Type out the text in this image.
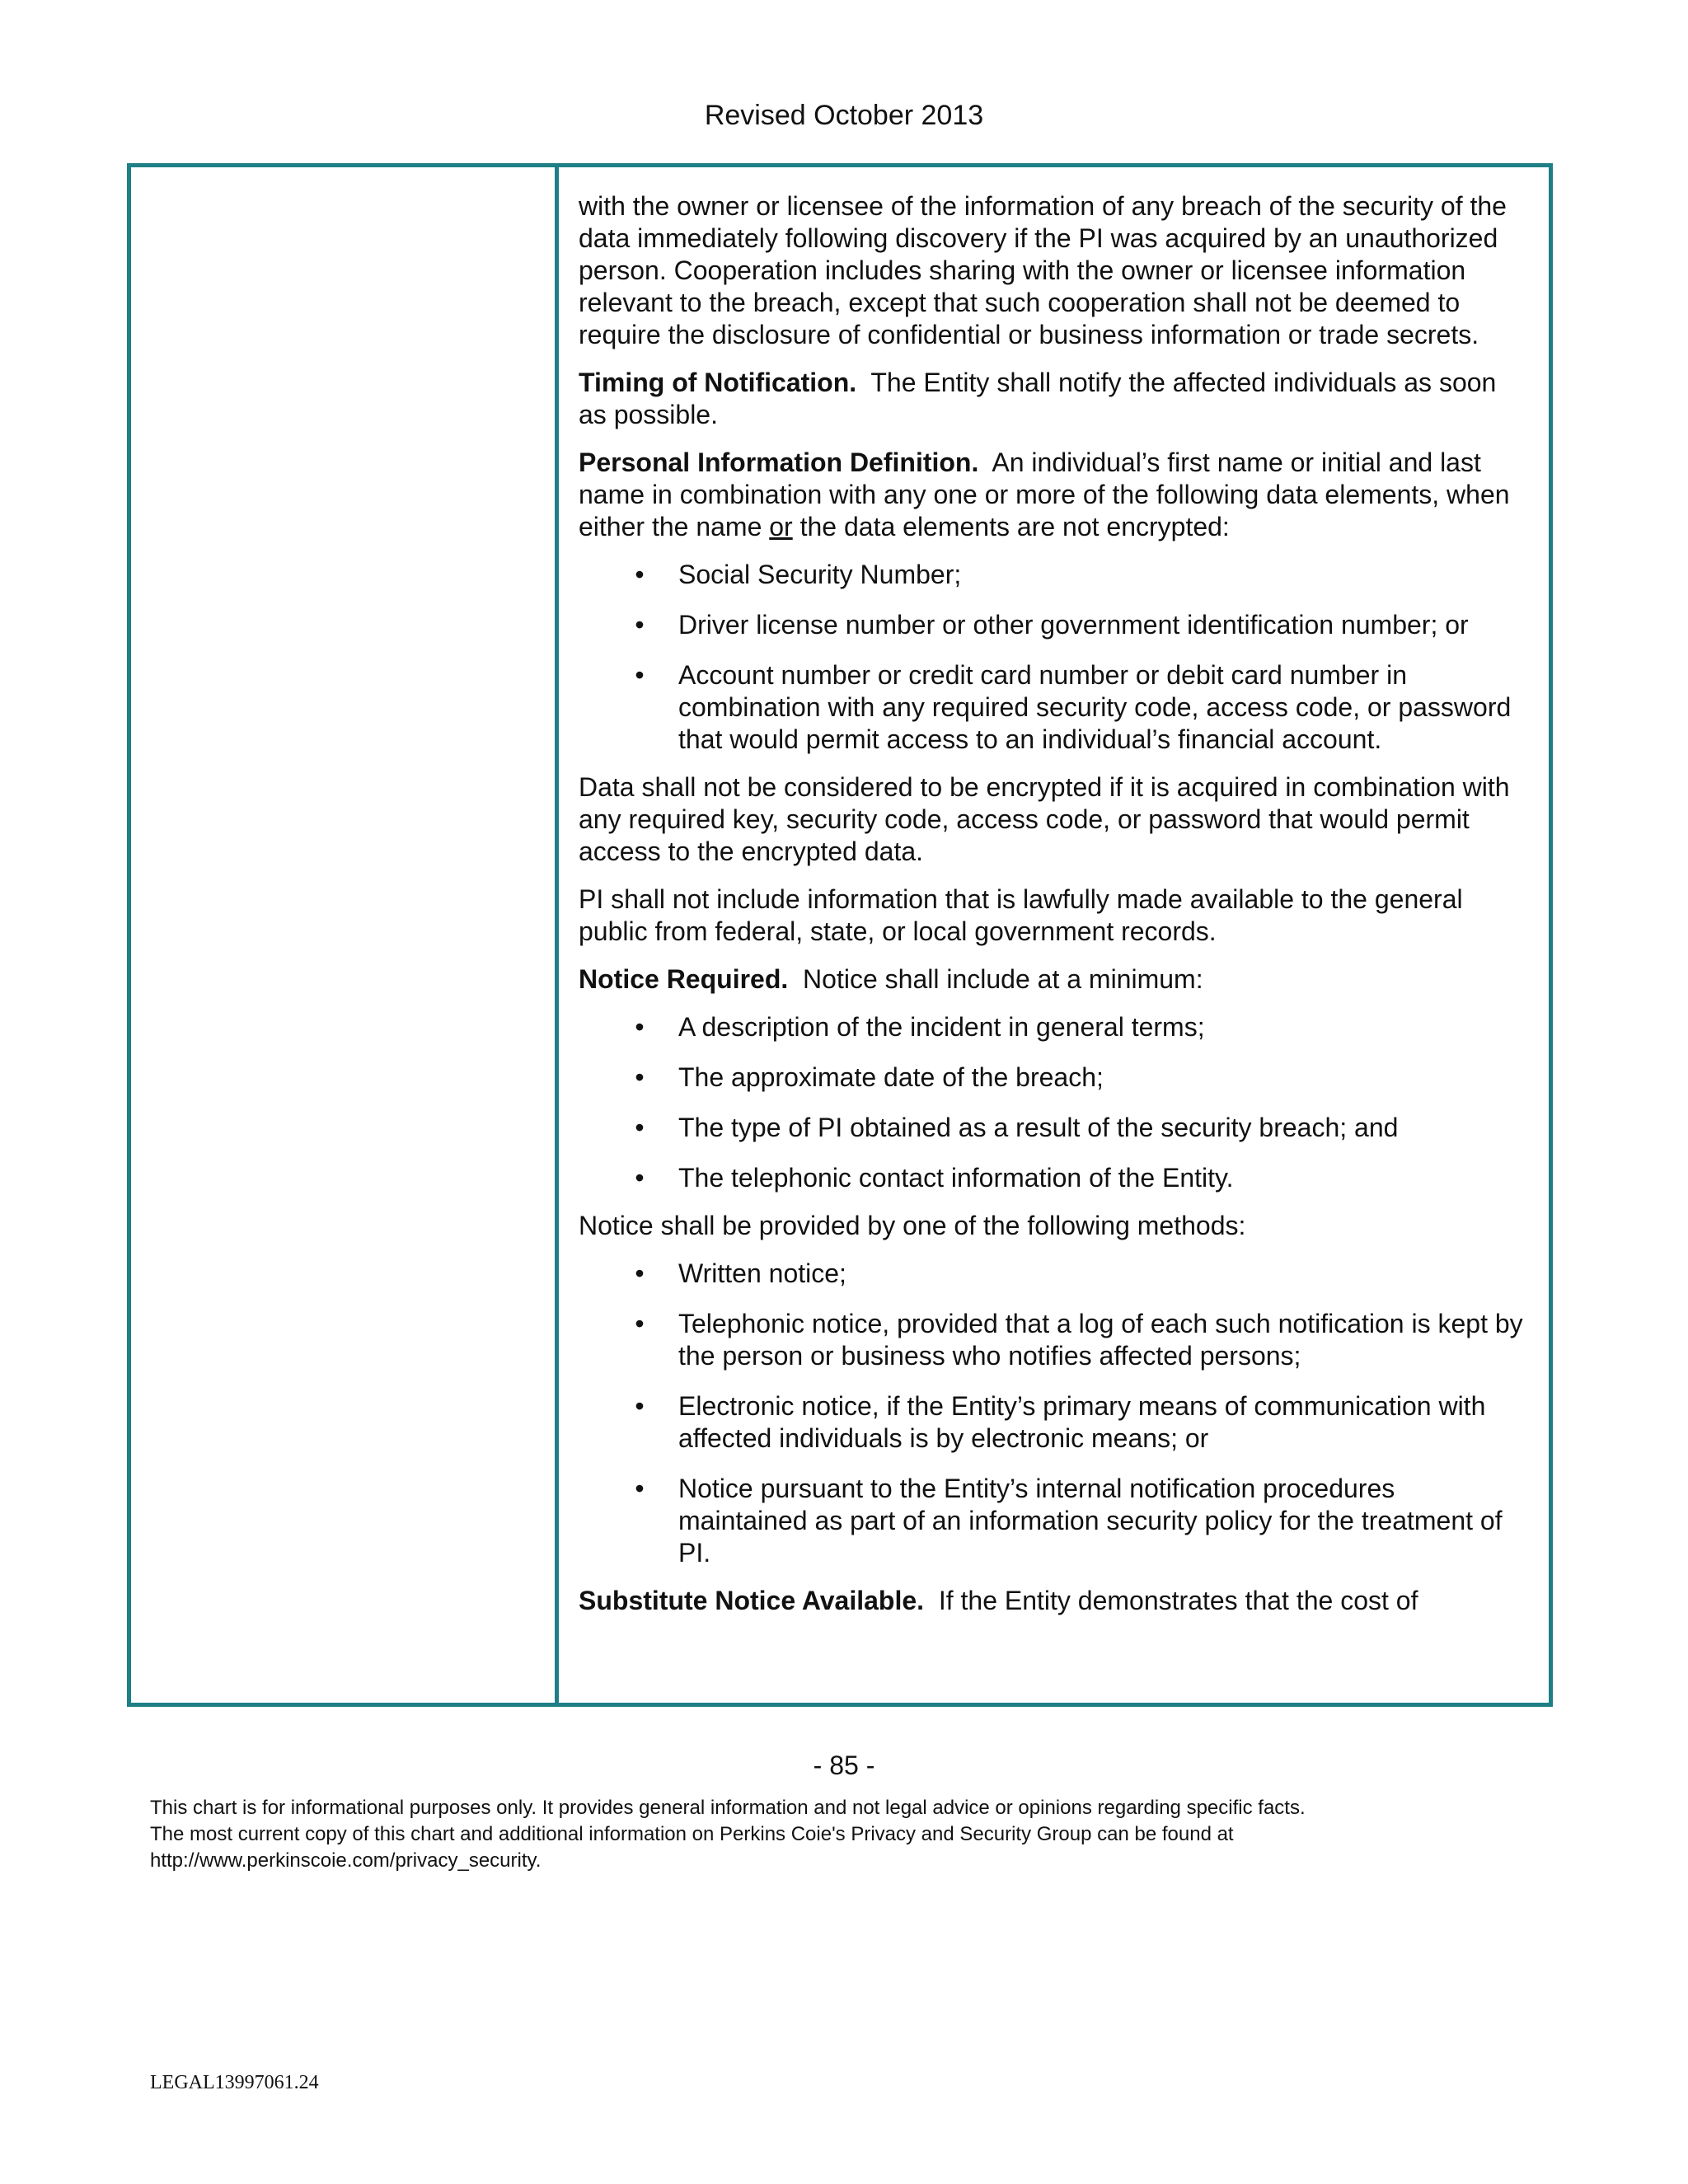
Revised October 2013

with the owner or licensee of the information of any breach of the security of the data immediately following discovery if the PI was acquired by an unauthorized person. Cooperation includes sharing with the owner or licensee information relevant to the breach, except that such cooperation shall not be deemed to require the disclosure of confidential or business information or trade secrets.

Timing of Notification. The Entity shall notify the affected individuals as soon as possible.

Personal Information Definition. An individual’s first name or initial and last name in combination with any one or more of the following data elements, when either the name or the data elements are not encrypted:

• Social Security Number;
• Driver license number or other government identification number; or
• Account number or credit card number or debit card number in combination with any required security code, access code, or password that would permit access to an individual’s financial account.

Data shall not be considered to be encrypted if it is acquired in combination with any required key, security code, access code, or password that would permit access to the encrypted data.

PI shall not include information that is lawfully made available to the general public from federal, state, or local government records.

Notice Required. Notice shall include at a minimum:

• A description of the incident in general terms;
• The approximate date of the breach;
• The type of PI obtained as a result of the security breach; and
• The telephonic contact information of the Entity.

Notice shall be provided by one of the following methods:

• Written notice;
• Telephonic notice, provided that a log of each such notification is kept by the person or business who notifies affected persons;
• Electronic notice, if the Entity’s primary means of communication with affected individuals is by electronic means; or
• Notice pursuant to the Entity’s internal notification procedures maintained as part of an information security policy for the treatment of PI.

Substitute Notice Available. If the Entity demonstrates that the cost of

- 85 -
This chart is for informational purposes only. It provides general information and not legal advice or opinions regarding specific facts.
The most current copy of this chart and additional information on Perkins Coie's Privacy and Security Group can be found at
http://www.perkinscoie.com/privacy_security.
LEGAL13997061.24
